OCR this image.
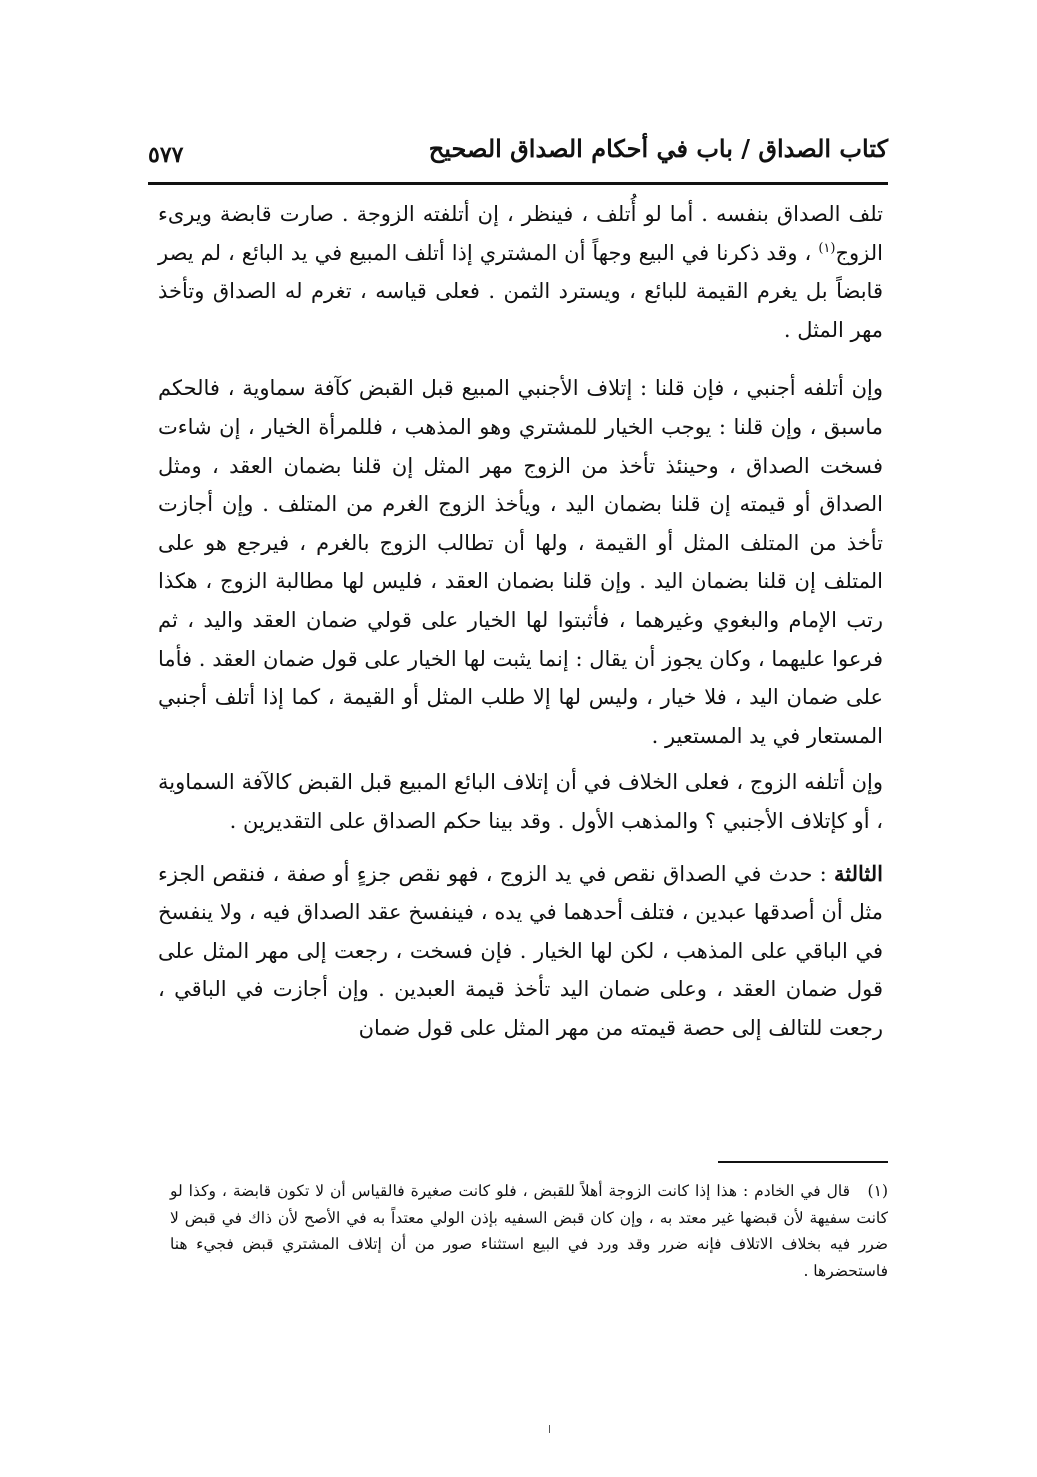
كتاب الصداق / باب في أحكام الصداق الصحيح
٥٧٧

تلف الصداق بنفسه . أما لو أُتلف ، فينظر ، إن أتلفته الزوجة . صارت قابضة ويرىء الزوج$^{(١)}$ ، وقد ذكرنا في البيع وجهاً أن المشتري إذا أتلف المبيع في يد البائع ، لم يصر قابضاً بل يغرم القيمة للبائع ، ويسترد الثمن . فعلى قياسه ، تغرم له الصداق وتأخذ مهر المثل .

وإن أتلفه أجنبي ، فإن قلنا : إتلاف الأجنبي المبيع قبل القبض كآفة سماوية ، فالحكم ماسبق ، وإن قلنا : يوجب الخيار للمشتري وهو المذهب ، فللمرأة الخيار ، إن شاءت فسخت الصداق ، وحينئذ تأخذ من الزوج مهر المثل إن قلنا بضمان العقد ، ومثل الصداق أو قيمته إن قلنا بضمان اليد ، ويأخذ الزوج الغرم من المتلف . وإن أجازت تأخذ من المتلف المثل أو القيمة ، ولها أن تطالب الزوج بالغرم ، فيرجع هو على المتلف إن قلنا بضمان اليد . وإن قلنا بضمان العقد ، فليس لها مطالبة الزوج ، هكذا رتب الإمام والبغوي وغيرهما ، فأثبتوا لها الخيار على قولي ضمان العقد واليد ، ثم فرعوا عليهما ، وكان يجوز أن يقال : إنما يثبت لها الخيار على قول ضمان العقد . فأما على ضمان اليد ، فلا خيار ، وليس لها إلا طلب المثل أو القيمة ، كما إذا أتلف أجنبي المستعار في يد المستعير .

وإن أتلفه الزوج ، فعلى الخلاف في أن إتلاف البائع المبيع قبل القبض كالآفة السماوية ، أو كإتلاف الأجنبي ؟ والمذهب الأول . وقد بينا حكم الصداق على التقديرين .

الثالثة : حدث في الصداق نقص في يد الزوج ، فهو نقص جزءٍ أو صفة ، فنقص الجزء مثل أن أصدقها عبدين ، فتلف أحدهما في يده ، فينفسخ عقد الصداق فيه ، ولا ينفسخ في الباقي على المذهب ، لكن لها الخيار . فإن فسخت ، رجعت إلى مهر المثل على قول ضمان العقد ، وعلى ضمان اليد تأخذ قيمة العبدين . وإن أجازت في الباقي ، رجعت للتالف إلى حصة قيمته من مهر المثل على قول ضمان

(١)قال في الخادم : هذا إذا كانت الزوجة أهلاً للقبض ، فلو كانت صغيرة فالقياس أن لا تكون قابضة ، وكذا لو كانت سفيهة لأن قبضها غير معتد به ، وإن كان قبض السفيه بإذن الولي معتداً به في الأصح لأن ذاك في قبض لا ضرر فيه بخلاف الاتلاف فإنه ضرر وقد ورد في البيع استثناء صور من أن إتلاف المشتري قبض فجيء هنا فاستحضرها .
